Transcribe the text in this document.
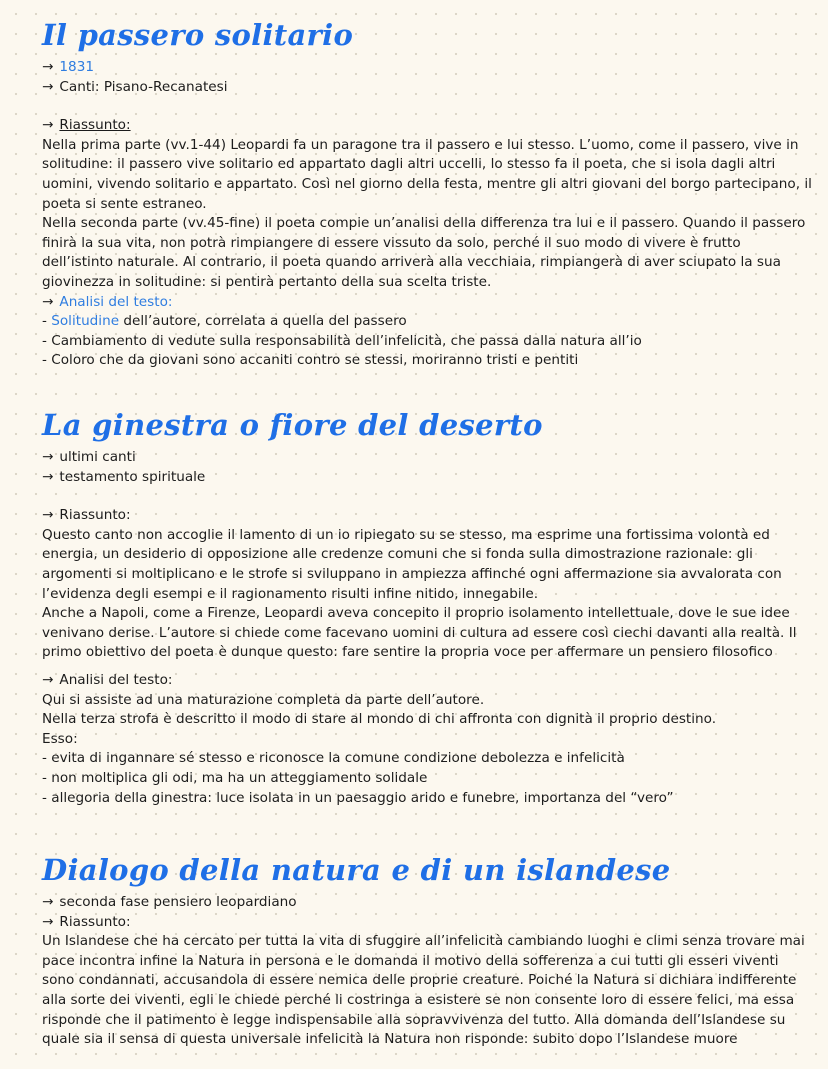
Il passero solitario

→ 1831

→ Canti: Pisano-Recanatesi

→ Riassunto:

Nella prima parte (vv.1-44) Leopardi fa un paragone tra il passero e lui stesso. L’uomo, come il passero, vive in solitudine: il passero vive solitario ed appartato dagli altri uccelli, lo stesso fa il poeta, che si isola dagli altri uomini, vivendo solitario e appartato. Così nel giorno della festa, mentre gli altri giovani del borgo partecipano, il poeta si sente estraneo.

Nella seconda parte (vv.45-fine) il poeta compie un’analisi della differenza tra lui e il passero. Quando il passero finirà la sua vita, non potrà rimpiangere di essere vissuto da solo, perché il suo modo di vivere è frutto dell’istinto naturale. Al contrario, il poeta quando arriverà alla vecchiaia, rimpiangerà di aver sciupato la sua giovinezza in solitudine: si pentirà pertanto della sua scelta triste.

→ Analisi del testo:

- Solitudine dell’autore, correlata a quella del passero

- Cambiamento di vedute sulla responsabilità dell’infelicità, che passa dalla natura all’io

- Coloro che da giovani sono accaniti contro se stessi, moriranno tristi e pentiti

La ginestra o fiore del deserto

→ ultimi canti

→ testamento spirituale

→ Riassunto:

Questo canto non accoglie il lamento di un io ripiegato su se stesso, ma esprime una fortissima volontà ed energia, un desiderio di opposizione alle credenze comuni che si fonda sulla dimostrazione razionale: gli argomenti si moltiplicano e le strofe si sviluppano in ampiezza affinché ogni affermazione sia avvalorata con l’evidenza degli esempi e il ragionamento risulti infine nitido, innegabile.

Anche a Napoli, come a Firenze, Leopardi aveva concepito il proprio isolamento intellettuale, dove le sue idee venivano derise. L’autore si chiede come facevano uomini di cultura ad essere così ciechi davanti alla realtà. Il primo obiettivo del poeta è dunque questo: fare sentire la propria voce per affermare un pensiero filosofico

→ Analisi del testo:

Qui si assiste ad una maturazione completa da parte dell’autore.

Nella terza strofa è descritto il modo di stare al mondo di chi affronta con dignità il proprio destino.

Esso:

- evita di ingannare sé stesso e riconosce la comune condizione debolezza e infelicità

- non moltiplica gli odi, ma ha un atteggiamento solidale

- allegoria della ginestra: luce isolata in un paesaggio arido e funebre, importanza del “vero”

Dialogo della natura e di un islandese

→ seconda fase pensiero leopardiano

→ Riassunto:

Un Islandese che ha cercato per tutta la vita di sfuggire all’infelicità cambiando luoghi e climi senza trovare mai pace incontra infine la Natura in persona e le domanda il motivo della sofferenza a cui tutti gli esseri viventi sono condannati, accusandola di essere nemica delle proprie creature. Poiché la Natura si dichiara indifferente alla sorte dei viventi, egli le chiede perché li costringa a esistere se non consente loro di essere felici, ma essa risponde che il patimento è legge indispensabile alla sopravvivenza del tutto. Alla domanda dell’Islandese su quale sia il sensa di questa universale infelicità la Natura non risponde: subito dopo l’Islandese muore
